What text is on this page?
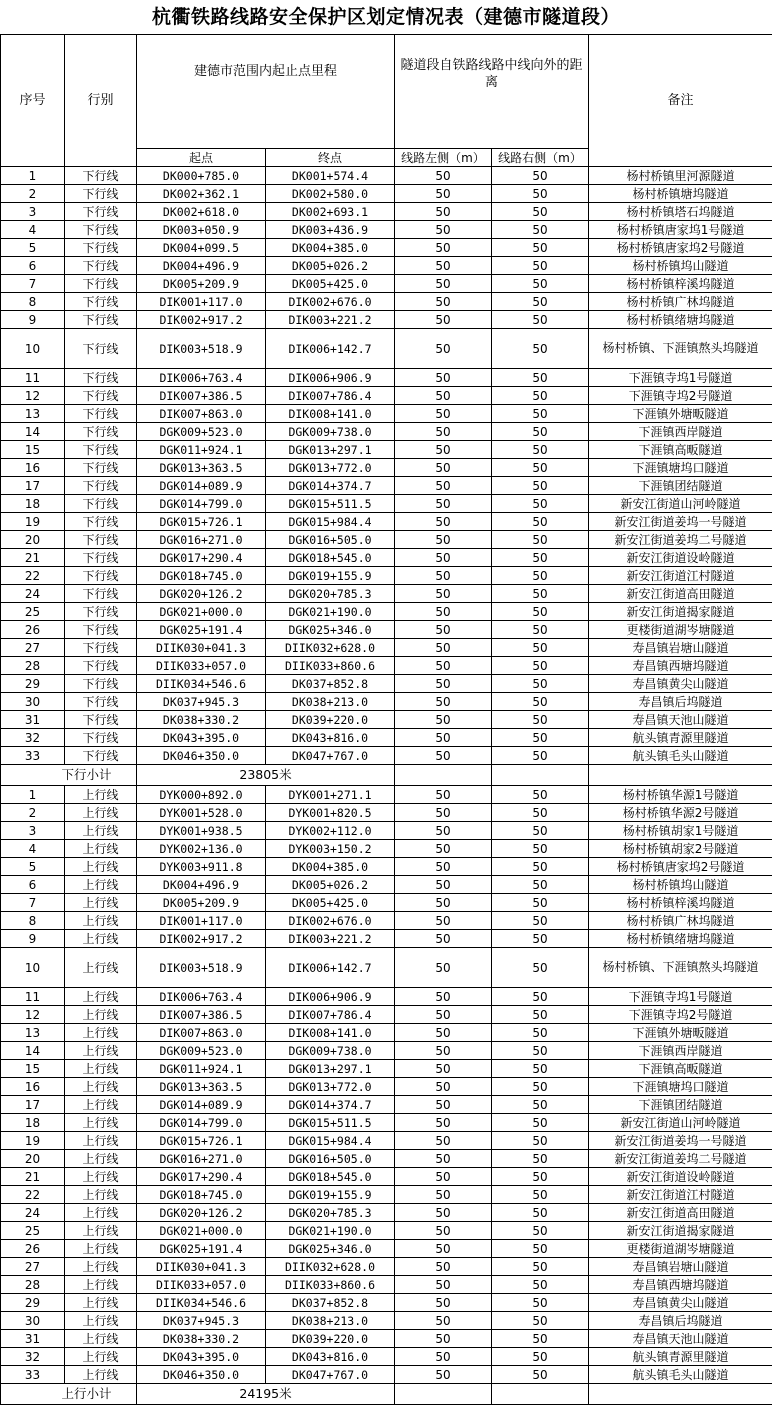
杭衢铁路线路安全保护区划定情况表（建德市隧道段）
序号	行别	建德市范围内起止点里程		隧道段自铁路线路中线向外的距离		备注
		起点	终点	线路左侧（m）	线路右侧（m）	
1	下行线	DK000+785.0	DK001+574.4	50	50	杨村桥镇里河源隧道
2	下行线	DK002+362.1	DK002+580.0	50	50	杨村桥镇塘坞隧道
3	下行线	DK002+618.0	DK002+693.1	50	50	杨村桥镇塔石坞隧道
4	下行线	DK003+050.9	DK003+436.9	50	50	杨村桥镇唐家坞1号隧道
5	下行线	DK004+099.5	DK004+385.0	50	50	杨村桥镇唐家坞2号隧道
6	下行线	DK004+496.9	DK005+026.2	50	50	杨村桥镇坞山隧道
7	下行线	DK005+209.9	DK005+425.0	50	50	杨村桥镇梓溪坞隧道
8	下行线	DIK001+117.0	DIK002+676.0	50	50	杨村桥镇广林坞隧道
9	下行线	DIK002+917.2	DIK003+221.2	50	50	杨村桥镇绪塘坞隧道
10	下行线	DIK003+518.9	DIK006+142.7	50	50	杨村桥镇、下涯镇熬头坞隧道
11	下行线	DIK006+763.4	DIK006+906.9	50	50	下涯镇寺坞1号隧道
12	下行线	DIK007+386.5	DIK007+786.4	50	50	下涯镇寺坞2号隧道
13	下行线	DIK007+863.0	DIK008+141.0	50	50	下涯镇外塘畈隧道
14	下行线	DGK009+523.0	DGK009+738.0	50	50	下涯镇西岸隧道
15	下行线	DGK011+924.1	DGK013+297.1	50	50	下涯镇高畈隧道
16	下行线	DGK013+363.5	DGK013+772.0	50	50	下涯镇塘坞口隧道
17	下行线	DGK014+089.9	DGK014+374.7	50	50	下涯镇团结隧道
18	下行线	DGK014+799.0	DGK015+511.5	50	50	新安江街道山河岭隧道
19	下行线	DGK015+726.1	DGK015+984.4	50	50	新安江街道姜坞一号隧道
20	下行线	DGK016+271.0	DGK016+505.0	50	50	新安江街道姜坞二号隧道
21	下行线	DGK017+290.4	DGK018+545.0	50	50	新安江街道设岭隧道
22	下行线	DGK018+745.0	DGK019+155.9	50	50	新安江街道江村隧道
24	下行线	DGK020+126.2	DGK020+785.3	50	50	新安江街道高田隧道
25	下行线	DGK021+000.0	DGK021+190.0	50	50	新安江街道揭家隧道
26	下行线	DGK025+191.4	DGK025+346.0	50	50	更楼街道湖岑塘隧道
27	下行线	DIIK030+041.3	DIIK032+628.0	50	50	寿昌镇岩塘山隧道
28	下行线	DIIK033+057.0	DIIK033+860.6	50	50	寿昌镇西塘坞隧道
29	下行线	DIIK034+546.6	DK037+852.8	50	50	寿昌镇黄尖山隧道
30	下行线	DK037+945.3	DK038+213.0	50	50	寿昌镇后坞隧道
31	下行线	DK038+330.2	DK039+220.0	50	50	寿昌镇天池山隧道
32	下行线	DK043+395.0	DK043+816.0	50	50	航头镇青源里隧道
33	下行线	DK046+350.0	DK047+767.0	50	50	航头镇毛头山隧道
下行小计		23805米				
1	上行线	DYK000+892.0	DYK001+271.1	50	50	杨村桥镇华源1号隧道
2	上行线	DYK001+528.0	DYK001+820.5	50	50	杨村桥镇华源2号隧道
3	上行线	DYK001+938.5	DYK002+112.0	50	50	杨村桥镇胡家1号隧道
4	上行线	DYK002+136.0	DYK003+150.2	50	50	杨村桥镇胡家2号隧道
5	上行线	DYK003+911.8	DK004+385.0	50	50	杨村桥镇唐家坞2号隧道
6	上行线	DK004+496.9	DK005+026.2	50	50	杨村桥镇坞山隧道
7	上行线	DK005+209.9	DK005+425.0	50	50	杨村桥镇梓溪坞隧道
8	上行线	DIK001+117.0	DIK002+676.0	50	50	杨村桥镇广林坞隧道
9	上行线	DIK002+917.2	DIK003+221.2	50	50	杨村桥镇绪塘坞隧道
10	上行线	DIK003+518.9	DIK006+142.7	50	50	杨村桥镇、下涯镇熬头坞隧道
11	上行线	DIK006+763.4	DIK006+906.9	50	50	下涯镇寺坞1号隧道
12	上行线	DIK007+386.5	DIK007+786.4	50	50	下涯镇寺坞2号隧道
13	上行线	DIK007+863.0	DIK008+141.0	50	50	下涯镇外塘畈隧道
14	上行线	DGK009+523.0	DGK009+738.0	50	50	下涯镇西岸隧道
15	上行线	DGK011+924.1	DGK013+297.1	50	50	下涯镇高畈隧道
16	上行线	DGK013+363.5	DGK013+772.0	50	50	下涯镇塘坞口隧道
17	上行线	DGK014+089.9	DGK014+374.7	50	50	下涯镇团结隧道
18	上行线	DGK014+799.0	DGK015+511.5	50	50	新安江街道山河岭隧道
19	上行线	DGK015+726.1	DGK015+984.4	50	50	新安江街道姜坞一号隧道
20	上行线	DGK016+271.0	DGK016+505.0	50	50	新安江街道姜坞二号隧道
21	上行线	DGK017+290.4	DGK018+545.0	50	50	新安江街道设岭隧道
22	上行线	DGK018+745.0	DGK019+155.9	50	50	新安江街道江村隧道
24	上行线	DGK020+126.2	DGK020+785.3	50	50	新安江街道高田隧道
25	上行线	DGK021+000.0	DGK021+190.0	50	50	新安江街道揭家隧道
26	上行线	DGK025+191.4	DGK025+346.0	50	50	更楼街道湖岑塘隧道
27	上行线	DIIK030+041.3	DIIK032+628.0	50	50	寿昌镇岩塘山隧道
28	上行线	DIIK033+057.0	DIIK033+860.6	50	50	寿昌镇西塘坞隧道
29	上行线	DIIK034+546.6	DK037+852.8	50	50	寿昌镇黄尖山隧道
30	上行线	DK037+945.3	DK038+213.0	50	50	寿昌镇后坞隧道
31	上行线	DK038+330.2	DK039+220.0	50	50	寿昌镇天池山隧道
32	上行线	DK043+395.0	DK043+816.0	50	50	航头镇青源里隧道
33	上行线	DK046+350.0	DK047+767.0	50	50	航头镇毛头山隧道
上行小计		24195米				
